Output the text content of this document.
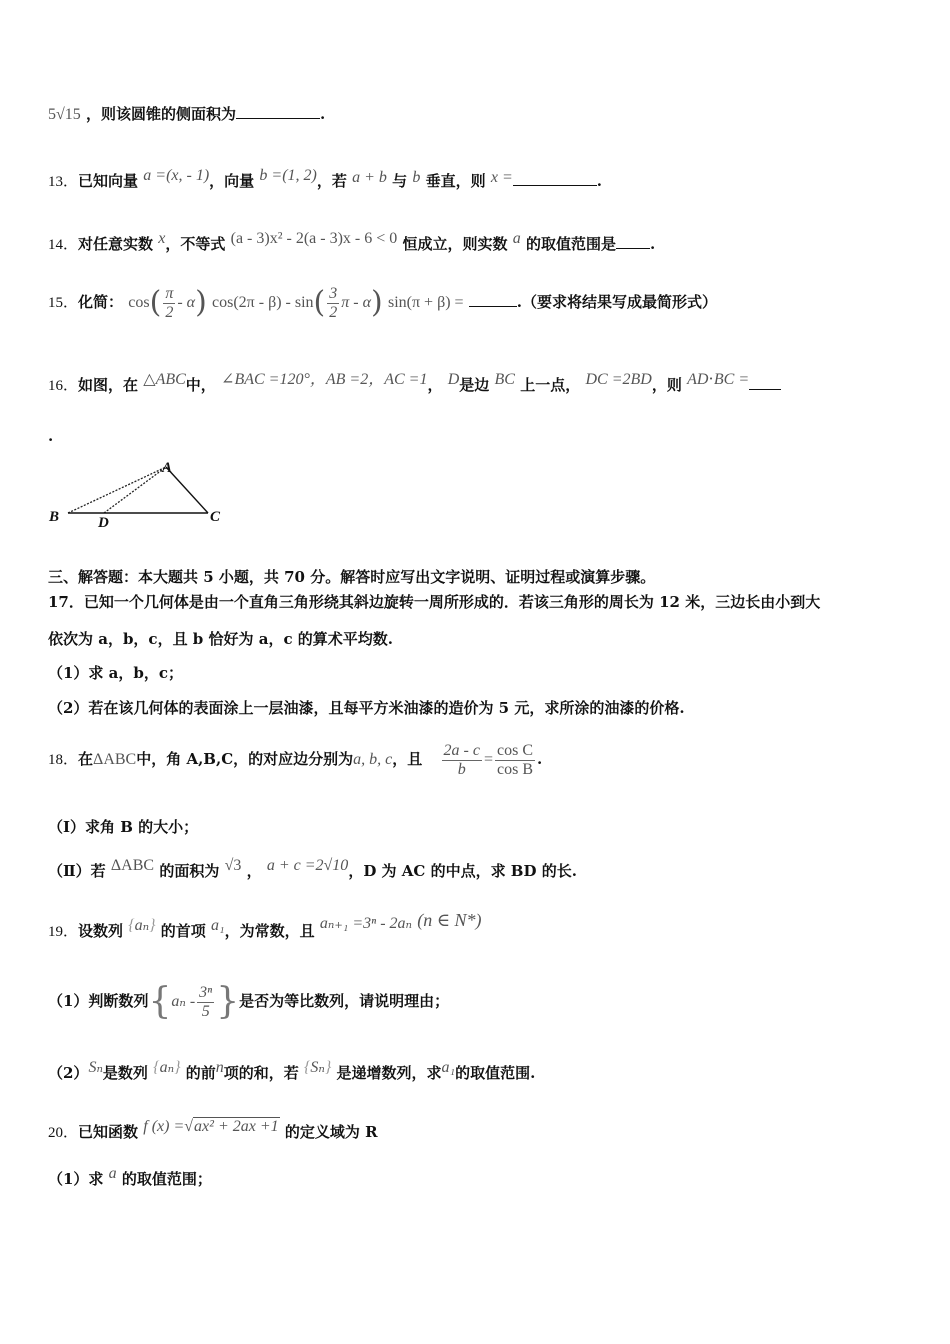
5√15 ，则该圆锥的侧面积为	.
13．已知向量 a =(x, - 1)，向量 b =(1, 2)，若 a + b 与 b 垂直，则 x =	.
14．对任意实数 x，不等式 (a - 3)x² - 2(a - 3)x - 6 < 0 恒成立，则实数 a 的取值范围是 .
15．化简： $\cos( \frac{\pi}{2} - \alpha)$ $\cos(2\pi - \beta) - \sin( \frac{3}{2}$ π - α) sin(π + β) =	.（要求将结果写成最简形式）
16．如图，在 △ABC中， ∠BAC =120°，AB =2，AC =1， D是边 BC 上一点， DC =2BD，则 AD⋅BC =
.
A
B	C
D
三、解答题：本大题共 5 小题，共 70 分。解答时应写出文字说明、证明过程或演算步骤。
17．已知一个几何体是由一个直角三角形绕其斜边旋转一周所形成的．若该三角形的周长为 12 米，三边长由小到大
依次为 a，b，c，且 b 恰好为 a，c 的算术平均数.
（1）求 a，b，c；
（2）若在该几何体的表面涂上一层油漆，且每平方米油漆的造价为 5 元，求所涂的油漆的价格.
18．在ΔABC中，角 A,B,C，的对应边分别为a, b, c，且 $\frac{2a - c}{b} = \frac{\text{cos C}}{\text{cos B}}$ .
（Ⅰ）求角 B 的大小；
（Ⅱ）若 ΔABC 的面积为 √3 ， a + c =2√10，D 为 AC 的中点，求 BD 的长.
19．设数列 {aₙ} 的首项 a₁，为常数，且 aₙ₊₁ =3ⁿ - 2aₙ (n ∈ N*)
（1）判断数列{$a_n - \frac{\text{3ⁿ}}{5}$ }是否为等比数列，请说明理由；
（2）Sₙ是数列 {aₙ} 的前n项的和，若 {Sₙ} 是递增数列，求a₁的取值范围.
20．已知函数 f (x) =√ax² + 2ax +1 的定义域为 R
（1）求 a 的取值范围；
